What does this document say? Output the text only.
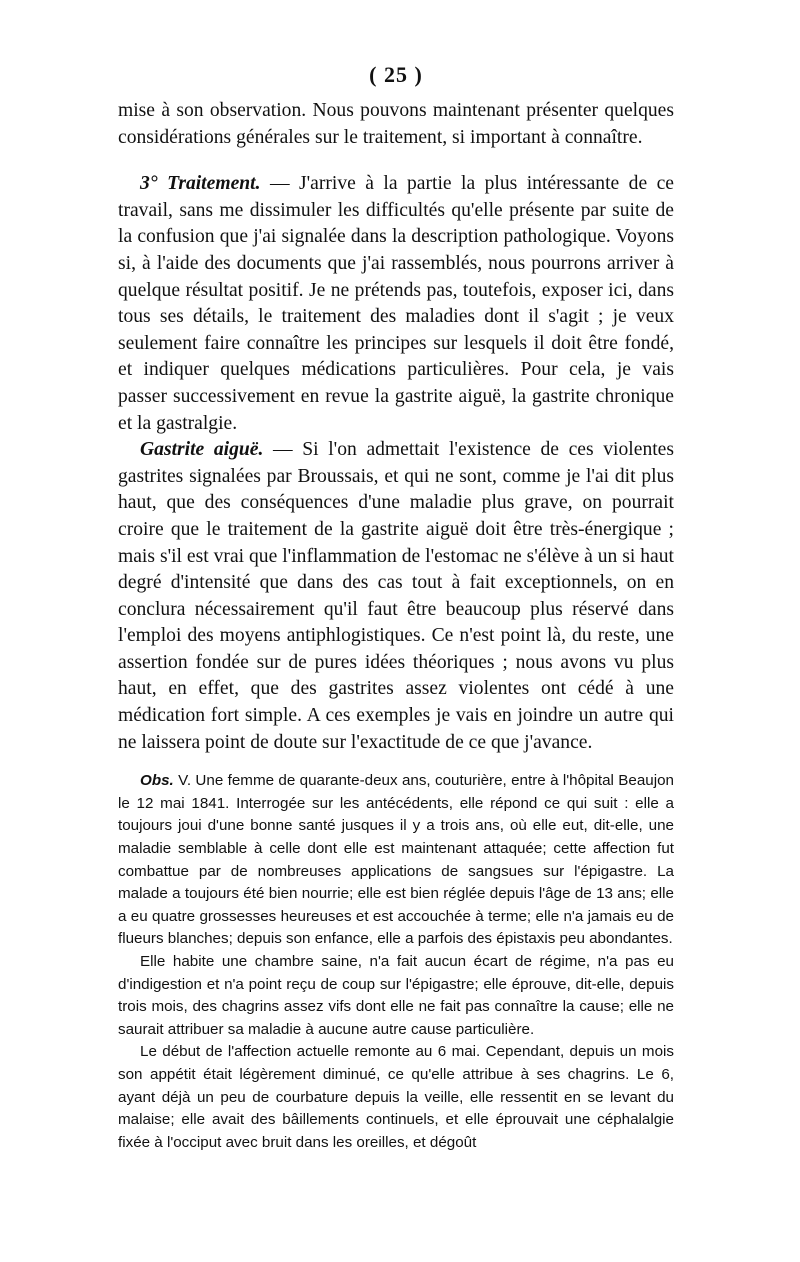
( 25 )

mise à son observation. Nous pouvons maintenant présenter quelques considérations générales sur le traitement, si important à connaître.

3° Traitement. — J'arrive à la partie la plus intéressante de ce travail, sans me dissimuler les difficultés qu'elle présente par suite de la confusion que j'ai signalée dans la description pathologique. Voyons si, à l'aide des documents que j'ai rassemblés, nous pourrons arriver à quelque résultat positif. Je ne prétends pas, toutefois, exposer ici, dans tous ses détails, le traitement des maladies dont il s'agit ; je veux seulement faire connaître les principes sur lesquels il doit être fondé, et indiquer quelques médications particulières. Pour cela, je vais passer successivement en revue la gastrite aiguë, la gastrite chronique et la gastralgie.

Gastrite aiguë. — Si l'on admettait l'existence de ces violentes gastrites signalées par Broussais, et qui ne sont, comme je l'ai dit plus haut, que des conséquences d'une maladie plus grave, on pourrait croire que le traitement de la gastrite aiguë doit être très-énergique ; mais s'il est vrai que l'inflammation de l'estomac ne s'élève à un si haut degré d'intensité que dans des cas tout à fait exceptionnels, on en conclura nécessairement qu'il faut être beaucoup plus réservé dans l'emploi des moyens antiphlogistiques. Ce n'est point là, du reste, une assertion fondée sur de pures idées théoriques ; nous avons vu plus haut, en effet, que des gastrites assez violentes ont cédé à une médication fort simple. A ces exemples je vais en joindre un autre qui ne laissera point de doute sur l'exactitude de ce que j'avance.

Obs. V. Une femme de quarante-deux ans, couturière, entre à l'hôpital Beaujon le 12 mai 1841. Interrogée sur les antécédents, elle répond ce qui suit : elle a toujours joui d'une bonne santé jusques il y a trois ans, où elle eut, dit-elle, une maladie semblable à celle dont elle est maintenant attaquée; cette affection fut combattue par de nombreuses applications de sangsues sur l'épigastre. La malade a toujours été bien nourrie; elle est bien réglée depuis l'âge de 13 ans; elle a eu quatre grossesses heureuses et est accouchée à terme; elle n'a jamais eu de flueurs blanches; depuis son enfance, elle a parfois des épistaxis peu abondantes.

Elle habite une chambre saine, n'a fait aucun écart de régime, n'a pas eu d'indigestion et n'a point reçu de coup sur l'épigastre; elle éprouve, dit-elle, depuis trois mois, des chagrins assez vifs dont elle ne fait pas connaître la cause; elle ne saurait attribuer sa maladie à aucune autre cause particulière.

Le début de l'affection actuelle remonte au 6 mai. Cependant, depuis un mois son appétit était légèrement diminué, ce qu'elle attribue à ses chagrins. Le 6, ayant déjà un peu de courbature depuis la veille, elle ressentit en se levant du malaise; elle avait des bâillements continuels, et elle éprouvait une céphalalgie fixée à l'occiput avec bruit dans les oreilles, et dégoût
